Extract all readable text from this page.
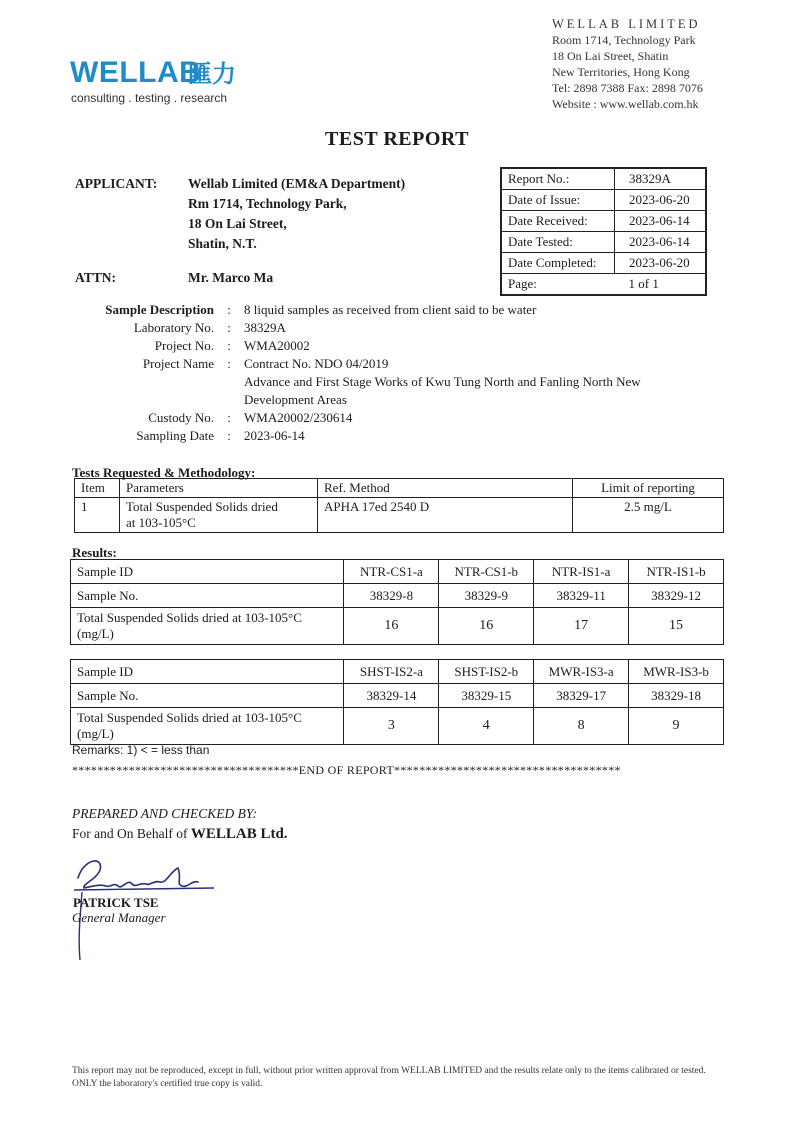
WELLAB
匯力
consulting . testing . research
WELLAB LIMITED
Room 1714, Technology Park
18 On Lai Street, Shatin
New Territories, Hong Kong
Tel: 2898 7388 Fax: 2898 7076
Website : www.wellab.com.hk
TEST REPORT
APPLICANT: Wellab Limited (EM&A Department)
Rm 1714, Technology Park,
18 On Lai Street,
Shatin, N.T.
ATTN:	Mr. Marco Ma
Report No.:	38329A
Date of Issue:	2023-06-20
Date Received:	2023-06-14
Date Tested:	2023-06-14
Date Completed:	2023-06-20
Page:	1 of 1
Sample Description	:	8 liquid samples as received from client said to be water
Laboratory No.	:	38329A
Project No.	:	WMA20002
Project Name	:	Contract No. NDO 04/2019
Advance and First Stage Works of Kwu Tung North and Fanling North New
Development Areas
Custody No.	:	WMA20002/230614
Sampling Date	:	2023-06-14
Tests Requested & Methodology:
Item	Parameters	Ref. Method	Limit of reporting
1	Total Suspended Solids dried
at 103-105°C	APHA 17ed 2540 D	2.5 mg/L
Results:
Sample ID	NTR-CS1-a	NTR-CS1-b	NTR-IS1-a	NTR-IS1-b
Sample No.	38329-8	38329-9	38329-11	38329-12
Total Suspended Solids dried at 103-105°C (mg/L)	16	16	17	15
Sample ID	SHST-IS2-a	SHST-IS2-b	MWR-IS3-a	MWR-IS3-b
Sample No.	38329-14	38329-15	38329-17	38329-18
Total Suspended Solids dried at 103-105°C (mg/L)	3	4	8	9
Remarks: 1) < = less than
************************************END OF REPORT************************************
PREPARED AND CHECKED BY:
For and On Behalf of WELLAB Ltd.
PATRICK TSE
General Manager
This report may not be reproduced, except in full, without prior written approval from WELLAB LIMITED and the results relate only to the items calibrated or tested. ONLY the laboratory's certified true copy is valid.
